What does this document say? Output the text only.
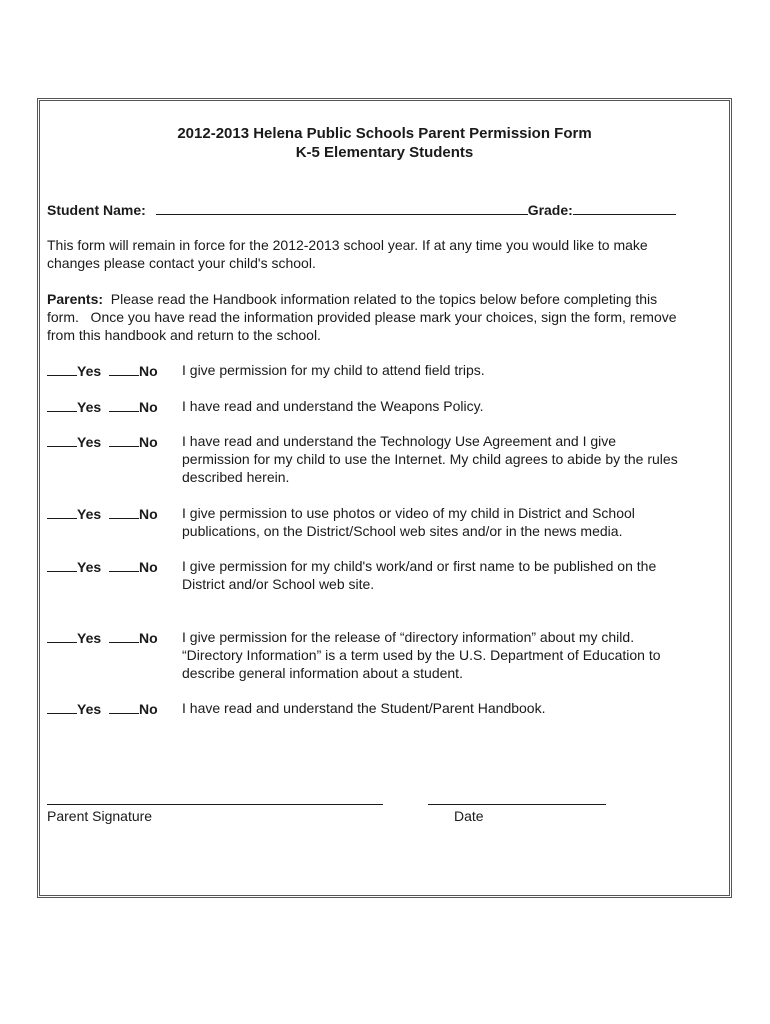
2012-2013 Helena Public Schools Parent Permission Form
K-5 Elementary Students
Student Name:	Grade:
This form will remain in force for the 2012-2013 school year. If at any time you would like to make
changes please contact your child's school.
Parents:  Please read the Handbook information related to the topics below before completing this
form.   Once you have read the information provided please mark your choices, sign the form, remove
from this handbook and return to the school.
Yes	No I give permission for my child to attend field trips.
Yes	No I have read and understand the Weapons Policy.
Yes	No I have read and understand the Technology Use Agreement and I give
permission for my child to use the Internet. My child agrees to abide by the rules
described herein.
Yes	No I give permission to use photos or video of my child in District and School
publications, on the District/School web sites and/or in the news media.
Yes	No I give permission for my child's work/and or first name to be published on the
District and/or School web site.
Yes	No I give permission for the release of “directory information” about my child.
“Directory Information” is a term used by the U.S. Department of Education to
describe general information about a student.
Yes	No I have read and understand the Student/Parent Handbook.
Parent Signature	Date
